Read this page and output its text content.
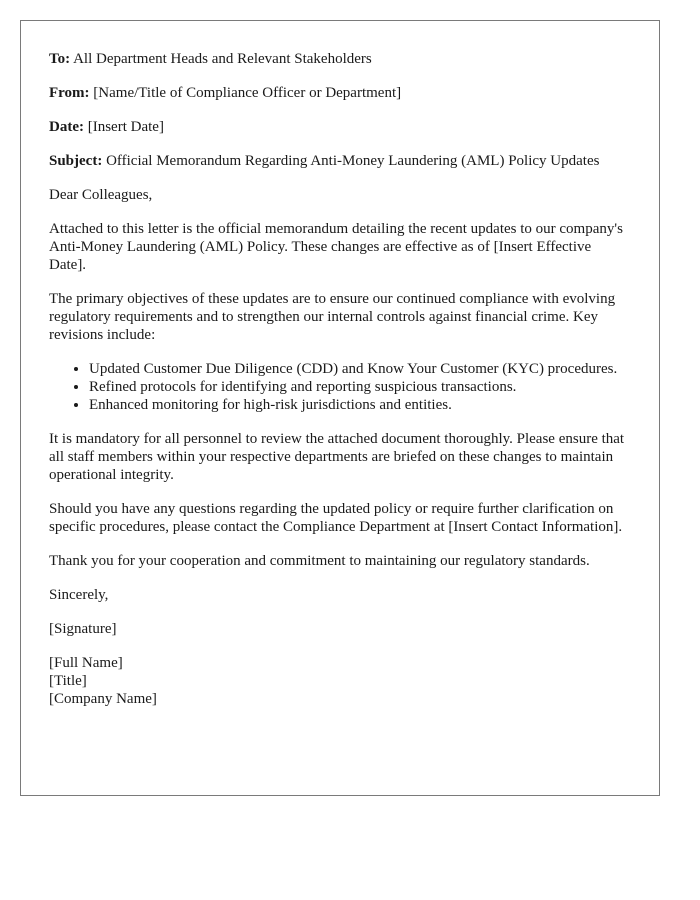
To: All Department Heads and Relevant Stakeholders

From: [Name/Title of Compliance Officer or Department]

Date: [Insert Date]

Subject: Official Memorandum Regarding Anti-Money Laundering (AML) Policy Updates

Dear Colleagues,

Attached to this letter is the official memorandum detailing the recent updates to our company's Anti-Money Laundering (AML) Policy. These changes are effective as of [Insert Effective Date].

The primary objectives of these updates are to ensure our continued compliance with evolving regulatory requirements and to strengthen our internal controls against financial crime. Key revisions include:

• Updated Customer Due Diligence (CDD) and Know Your Customer (KYC) procedures.
• Refined protocols for identifying and reporting suspicious transactions.
• Enhanced monitoring for high-risk jurisdictions and entities.

It is mandatory for all personnel to review the attached document thoroughly. Please ensure that all staff members within your respective departments are briefed on these changes to maintain operational integrity.

Should you have any questions regarding the updated policy or require further clarification on specific procedures, please contact the Compliance Department at [Insert Contact Information].

Thank you for your cooperation and commitment to maintaining our regulatory standards.

Sincerely,

[Signature]

[Full Name]

[Title]

[Company Name]
